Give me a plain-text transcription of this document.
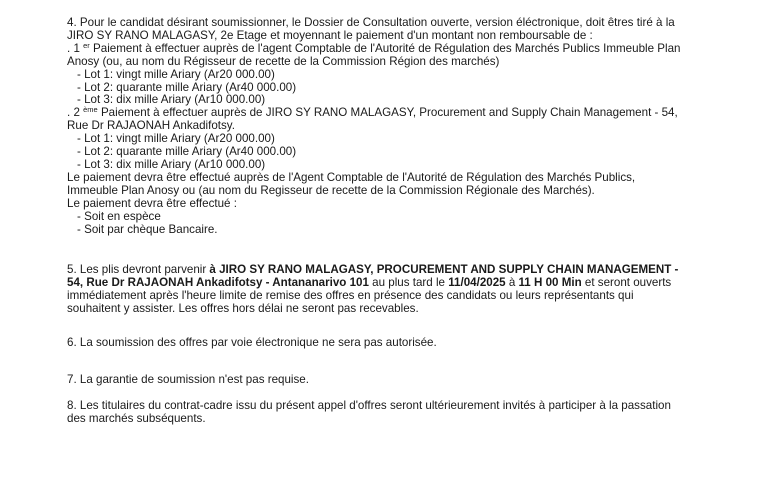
4. Pour le candidat désirant soumissionner, le Dossier de Consultation ouverte, version éléctronique, doit êtres tiré à la

JIRO SY RANO MALAGASY, 2e Etage et moyennant le paiement d'un montant non remboursable de :

. 1 $^{er}$ Paiement à effectuer auprès de l'agent Comptable de l'Autorité de Régulation des Marchés Publics Immeuble Plan

Anosy (ou, au nom du Régisseur de recette de la Commission Région des marchés)

- Lot 1: vingt mille Ariary (Ar20 000.00)

- Lot 2: quarante mille Ariary (Ar40 000.00)

- Lot 3: dix mille Ariary (Ar10 000.00)

. 2 $^{ème}$ Paiement à effectuer auprès de JIRO SY RANO MALAGASY, Procurement and Supply Chain Management - 54,

Rue Dr RAJAONAH Ankadifotsy.

- Lot 1: vingt mille Ariary (Ar20 000.00)

- Lot 2: quarante mille Ariary (Ar40 000.00)

- Lot 3: dix mille Ariary (Ar10 000.00)

Le paiement devra être effectué auprès de l'Agent Comptable de l'Autorité de Régulation des Marchés Publics,

Immeuble Plan Anosy ou (au nom du Regisseur de recette de la Commission Régionale des Marchés).

Le paiement devra être effectué :

- Soit en espèce

- Soit par chèque Bancaire.

5. Les plis devront parvenir à JIRO SY RANO MALAGASY, PROCUREMENT AND SUPPLY CHAIN MANAGEMENT -

54, Rue Dr RAJAONAH Ankadifotsy - Antananarivo 101 au plus tard le 11/04/2025 à 11 H 00 Min et seront ouverts

immédiatement après l'heure limite de remise des offres en présence des candidats ou leurs représentants qui

souhaitent y assister. Les offres hors délai ne seront pas recevables.

6. La soumission des offres par voie électronique ne sera pas autorisée.

7. La garantie de soumission n'est pas requise.

8. Les titulaires du contrat-cadre issu du présent appel d'offres seront ultérieurement invités à participer à la passation

des marchés subséquents.
